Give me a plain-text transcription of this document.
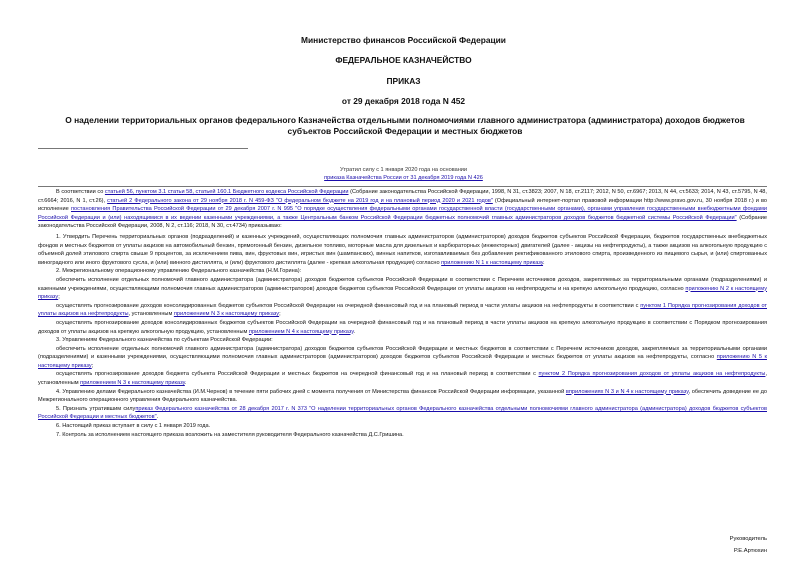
Министерство финансов Российской Федерации
ФЕДЕРАЛЬНОЕ КАЗНАЧЕЙСТВО
ПРИКАЗ
от 29 декабря 2018 года N 452
О наделении территориальных органов федерального Казначейства отдельными полномочиями главного администратора (администратора) доходов бюджетов субъектов Российской Федерации и местных бюджетов
Утратил силу с 1 января 2020 года на основании
приказа Казначейства России от 31 декабря 2019 года N 426

В соответствии со статьей 56, пунктом 3.1 статьи 58, статьей 160.1 Бюджетного кодекса Российской Федерации (Собрание законодательства Российской Федерации, 1998, N 31, ст.3823; 2007, N 18, ст.2117; 2012, N 50, ст.6967; 2013, N 44, ст.5633; 2014, N 43, ст.5795, N 48, ст.6664; 2016, N 1, ст.26), статьей 2 Федерального закона от 29 ноября 2018 г. N 459-ФЗ "О федеральном бюджете на 2019 год и на плановый период 2020 и 2021 годов" (Официальный интернет-портал правовой информации http://www.pravo.gov.ru, 30 ноября 2018 г.) и во исполнение постановления Правительства Российской Федерации от 29 декабря 2007 г. N 995 "О порядке осуществления федеральными органами государственной власти (государственными органами), органами управления государственными внебюджетными фондами Российской Федерации и (или) находящимися в их ведении казенными учреждениями, а также Центральным банком Российской Федерации бюджетных полномочий главных администраторов доходов бюджетов бюджетной системы Российской Федерации" (Собрание законодательства Российской Федерации, 2008, N 2, ст.116; 2018, N 30, ст.4734) приказываю:

1. Утвердить Перечень территориальных органов (подразделений) и казенных учреждений, осуществляющих полномочия главных администраторов (администраторов) доходов бюджетов субъектов Российской Федерации, бюджетов государственных внебюджетных фондов и местных бюджетов от уплаты акцизов на автомобильный бензин, прямогонный бензин, дизельное топливо, моторные масла для дизельных и карбюраторных (инжекторных) двигателей (далее - акцизы на нефтепродукты), а также акцизов на алкогольную продукцию с объемной долей этилового спирта свыше 9 процентов, за исключением пива, вин, фруктовых вин, игристых вин (шампанских), винных напитков, изготавливаемых без добавления ректификованного этилового спирта, произведенного из пищевого сырья, и (или) спиртованных виноградного или иного фруктового сусла, и (или) винного дистиллята, и (или) фруктового дистиллята (далее - крепкая алкогольная продукция) согласно приложению N 1 к настоящему приказу.

2. Межрегиональному операционному управлению Федерального казначейства (Н.М.Горина):

обеспечить исполнение отдельных полномочий главного администратора (администратора) доходов бюджетов субъектов Российской Федерации в соответствии с Перечнем источников доходов, закрепляемых за территориальными органами (подразделениями) и казенными учреждениями, осуществляющими полномочия главных администраторов (администраторов) доходов бюджетов субъектов Российской Федерации от уплаты акцизов на нефтепродукты и на крепкую алкогольную продукцию, согласно приложению N 2 к настоящему приказу;

осуществлять прогнозирование доходов консолидированных бюджетов субъектов Российской Федерации на очередной финансовый год и на плановый период в части уплаты акцизов на нефтепродукты в соответствии с пунктом 1 Порядка прогнозирования доходов от уплаты акцизов на нефтепродукты, установленным приложением N 3 к настоящему приказу;

осуществлять прогнозирование доходов консолидированных бюджетов субъектов Российской Федерации на очередной финансовый год и на плановый период в части уплаты акцизов на крепкую алкогольную продукцию в соответствии с Порядком прогнозирования доходов от уплаты акцизов на крепкую алкогольную продукцию, установленным приложением N 4 к настоящему приказу.

3. Управлениям Федерального казначейства по субъектам Российской Федерации:

обеспечить исполнение отдельных полномочий главного администратора (администратора) доходов бюджетов субъектов Российской Федерации и местных бюджетов в соответствии с Перечнем источников доходов, закрепляемых за территориальными органами (подразделениями) и казенными учреждениями, осуществляющими полномочия главных администраторов (администраторов) доходов бюджетов субъектов Российской Федерации и местных бюджетов от уплаты акцизов на нефтепродукты, согласно приложению N 5 к настоящему приказу;

осуществлять прогнозирование доходов бюджета субъекта Российской Федерации и местных бюджетов на очередной финансовый год и на плановый период в соответствии с пунктом 2 Порядка прогнозирования доходов от уплаты акцизов на нефтепродукты, установленным приложением N 3 к настоящему приказу.

4. Управлению делами Федерального казначейства (И.М.Чернов) в течение пяти рабочих дней с момента получения от Министерства финансов Российской Федерации информации, указанной вприложениях N 3 и N 4 к настоящему приказу, обеспечить доведение ее до Межрегионального операционного управления Федерального казначейства.

5. Признать утратившим силуприказ Федерального казначейства от 28 декабря 2017 г. N 373 "О наделении территориальных органов Федерального казначейства отдельными полномочиями главного администратора (администратора) доходов бюджетов субъектов Российской Федерации и местных бюджетов".

6. Настоящий приказ вступает в силу с 1 января 2019 года.

7. Контроль за исполнением настоящего приказа возложить на заместителя руководителя Федерального казначейства Д.С.Гришина.

Руководитель
Р.Е.Артюхин
